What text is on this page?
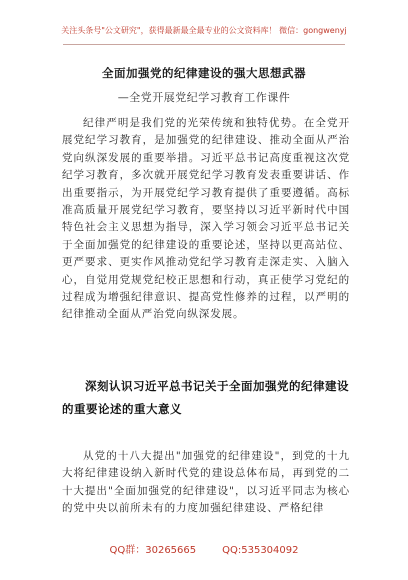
关注头条号"公文研究"，获得最新最全最专业的公文资料库！ 微信：gongwenyj
全面加强党的纪律建设的强大思想武器
—全党开展党纪学习教育工作课件

纪律严明是我们党的光荣传统和独特优势。在全党开展党纪学习教育，是加强党的纪律建设、推动全面从严治党向纵深发展的重要举措。习近平总书记高度重视这次党纪学习教育，多次就开展党纪学习教育发表重要讲话、作出重要指示，为开展党纪学习教育提供了重要遵循。高标准高质量开展党纪学习教育，要坚持以习近平新时代中国特色社会主义思想为指导，深入学习领会习近平总书记关于全面加强党的纪律建设的重要论述，坚持以更高站位、更严要求、更实作风推动党纪学习教育走深走实、入脑入心，自觉用党规党纪校正思想和行动，真正使学习党纪的过程成为增强纪律意识、提高党性修养的过程，以严明的纪律推动全面从严治党向纵深发展。

深刻认识习近平总书记关于全面加强党的纪律建设的重要论述的重大意义

从党的十八大提出"加强党的纪律建设"，到党的十九大将纪律建设纳入新时代党的建设总体布局，再到党的二十大提出"全面加强党的纪律建设"，以习近平同志为核心的党中央以前所未有的力度加强纪律建设、严格纪律

QQ群：30265665	QQ:535304092
